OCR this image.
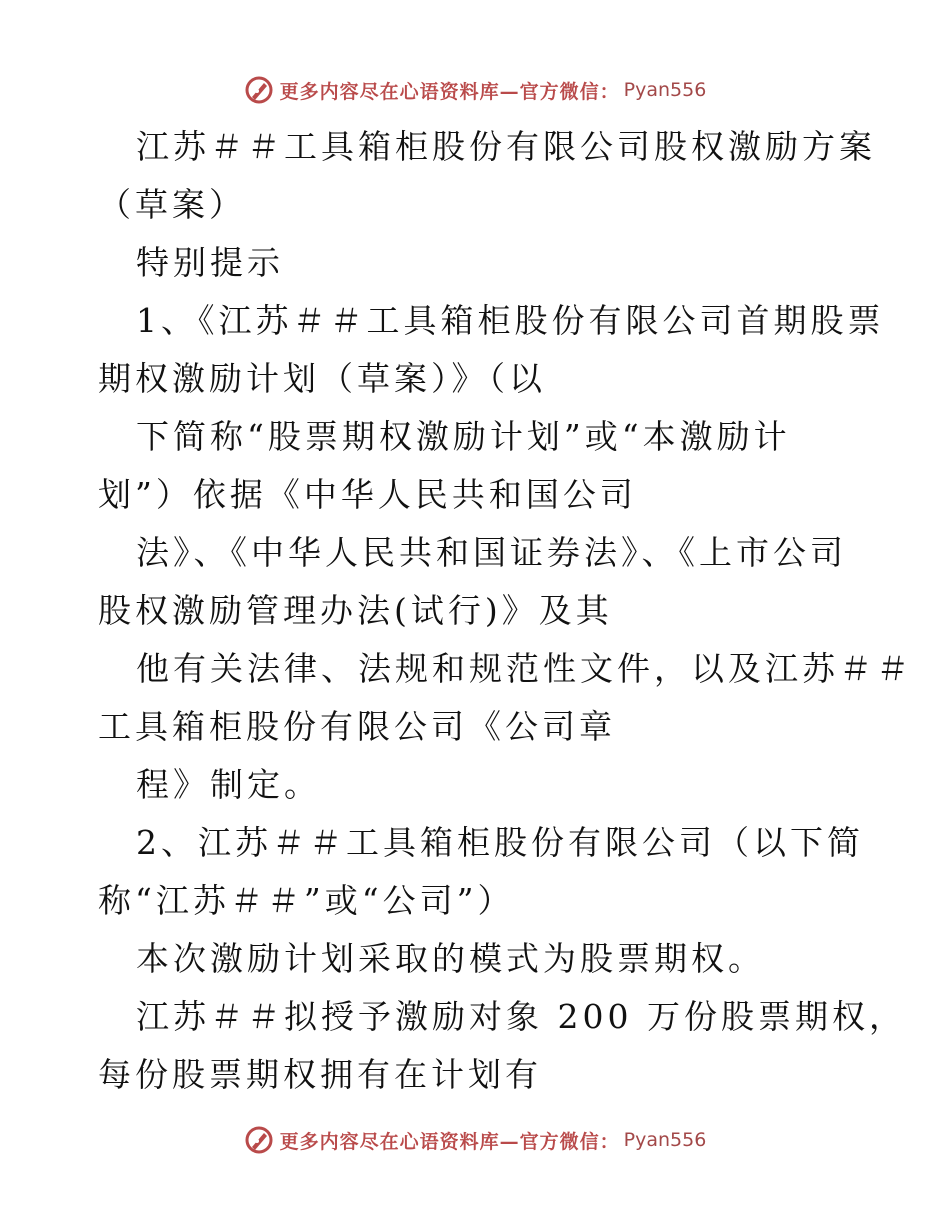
更多内容尽在心语资料库—官方微信： Pyan556
江苏＃＃工具箱柜股份有限公司股权激励方案
（草案）
特别提示
1、《江苏＃＃工具箱柜股份有限公司首期股票
期权激励计划（草案）》（以
下简称“股票期权激励计划”或“本激励计
划”）依据《中华人民共和国公司
法》、《中华人民共和国证券法》、《上市公司
股权激励管理办法(试行)》及其
他有关法律、法规和规范性文件，以及江苏＃＃
工具箱柜股份有限公司《公司章
程》制定。
2、江苏＃＃工具箱柜股份有限公司（以下简
称“江苏＃＃”或“公司”）
本次激励计划采取的模式为股票期权。
江苏＃＃拟授予激励对象 200 万份股票期权，
每份股票期权拥有在计划有
更多内容尽在心语资料库—官方微信： Pyan556
